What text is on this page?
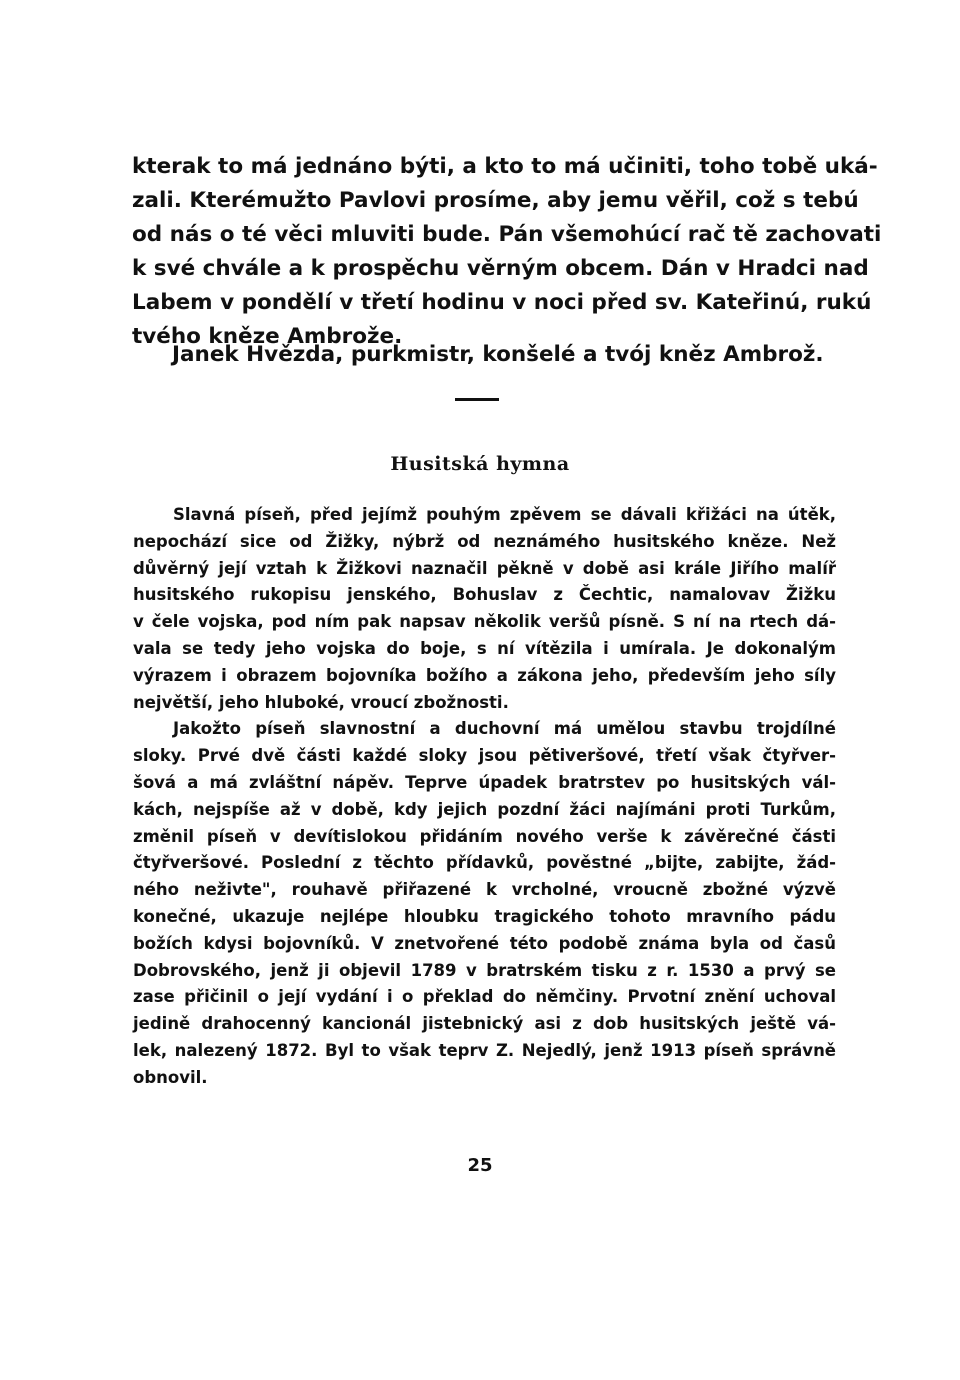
kterak to má jednáno býti, a kto to má učiniti, toho tobě uká-
zali. Kterémužto Pavlovi prosíme, aby jemu věřil, což s tebú
od nás o té věci mluviti bude. Pán všemohúcí rač tě zachovati
k své chvále a k prospěchu věrným obcem. Dán v Hradci nad
Labem v pondělí v třetí hodinu v noci před sv. Kateřinú, rukú
tvého kněze Ambrože.
Janek Hvězda, purkmistr, konšelé a tvój kněz Ambrož.
Husitská hymna
Slavná píseň, před jejímž pouhým zpěvem se dávali křižáci na útěk,
nepochází sice od Žižky, nýbrž od neznámého husitského kněze. Než
důvěrný její vztah k Žižkovi naznačil pěkně v době asi krále Jiřího malíř
husitského rukopisu jenského, Bohuslav z Čechtic, namalovav Žižku
v čele vojska, pod ním pak napsav několik veršů písně. S ní na rtech dá-
vala se tedy jeho vojska do boje, s ní vítězila i umírala. Je dokonalým
výrazem i obrazem bojovníka božího a zákona jeho, především jeho síly
největší, jeho hluboké, vroucí zbožnosti.
Jakožto píseň slavnostní a duchovní má umělou stavbu trojdílné
sloky. Prvé dvě části každé sloky jsou pětiveršové, třetí však čtyřver-
šová a má zvláštní nápěv. Teprve úpadek bratrstev po husitských vál-
kách, nejspíše až v době, kdy jejich pozdní žáci najímáni proti Turkům,
změnil píseň v devítislokou přidáním nového verše k závěrečné části
čtyřveršové. Poslední z těchto přídavků, pověstné „bijte, zabijte, žád-
ného neživte", rouhavě přiřazené k vrcholné, vroucně zbožné výzvě
konečné, ukazuje nejlépe hloubku tragického tohoto mravního pádu
božích kdysi bojovníků. V znetvořené této podobě známa byla od časů
Dobrovského, jenž ji objevil 1789 v bratrském tisku z r. 1530 a prvý se
zase přičinil o její vydání i o překlad do němčiny. Prvotní znění uchoval
jedině drahocenný kancionál jistebnický asi z dob husitských ještě vá-
lek, nalezený 1872. Byl to však teprv Z. Nejedlý, jenž 1913 píseň správně
obnovil.
25
